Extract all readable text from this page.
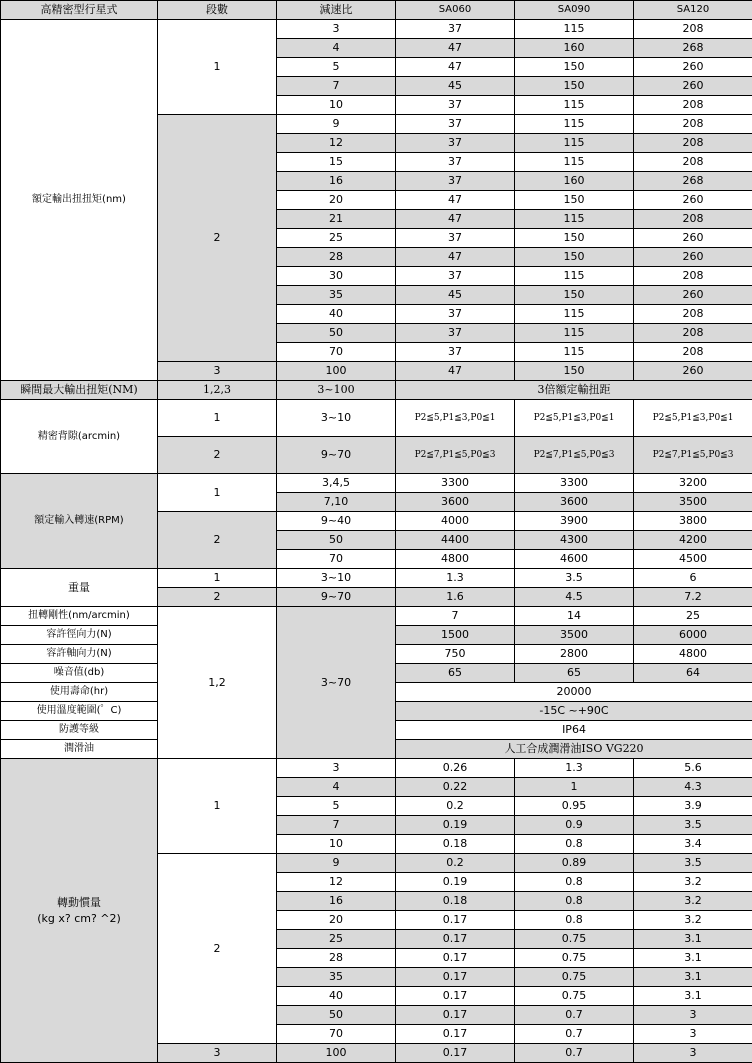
高精密型行星式	段數	減速比	SA060	SA090	SA120
額定輸出扭扭矩(nm)	1	3	37	115	208
		4	47	160	268
		5	47	150	260
		7	45	150	260
		10	37	115	208
	2	9	37	115	208
		12	37	115	208
		15	37	115	208
		16	37	160	268
		20	47	150	260
		21	47	115	208
		25	37	150	260
		28	47	150	260
		30	37	115	208
		35	45	150	260
		40	37	115	208
		50	37	115	208
		70	37	115	208
	3	100	47	150	260
瞬間最大輸出扭矩(NM)	1,2,3	3~100	3倍額定輸扭距		
精密背隙(arcmin)	1	3~10	P2≦5,P1≦3,P0≦1	P2≦5,P1≦3,P0≦1	P2≦5,P1≦3,P0≦1
	2	9~70	P2≦7,P1≦5,P0≦3	P2≦7,P1≦5,P0≦3	P2≦7,P1≦5,P0≦3
額定輸入轉速(RPM)	1	3,4,5	3300	3300	3200
		7,10	3600	3600	3500
	2	9~40	4000	3900	3800
		50	4400	4300	4200
		70	4800	4600	4500
重量	1	3~10	1.3	3.5	6
	2	9~70	1.6	4.5	7.2
扭轉剛性(nm/arcmin)	1,2	3~70	7	14	25
容許徑向力(N)			1500	3500	6000
容許軸向力(N)			750	2800	4800
噪音值(db)			65	65	64
使用壽命(hr)			20000		
使用溫度範圍(゜C)			-15C ~+90C		
防護等級			IP64		
潤滑油			人工合成潤滑油ISO VG220		

轉動慣量
(kg x? cm? ^2)	1	3	0.26	1.3	5.6
		4	0.22	1	4.3
		5	0.2	0.95	3.9
		7	0.19	0.9	3.5
		10	0.18	0.8	3.4
	2	9	0.2	0.89	3.5
		12	0.19	0.8	3.2
		16	0.18	0.8	3.2
		20	0.17	0.8	3.2
		25	0.17	0.75	3.1
		28	0.17	0.75	3.1
		35	0.17	0.75	3.1
		40	0.17	0.75	3.1
		50	0.17	0.7	3
		70	0.17	0.7	3
	3	100	0.17	0.7	3
